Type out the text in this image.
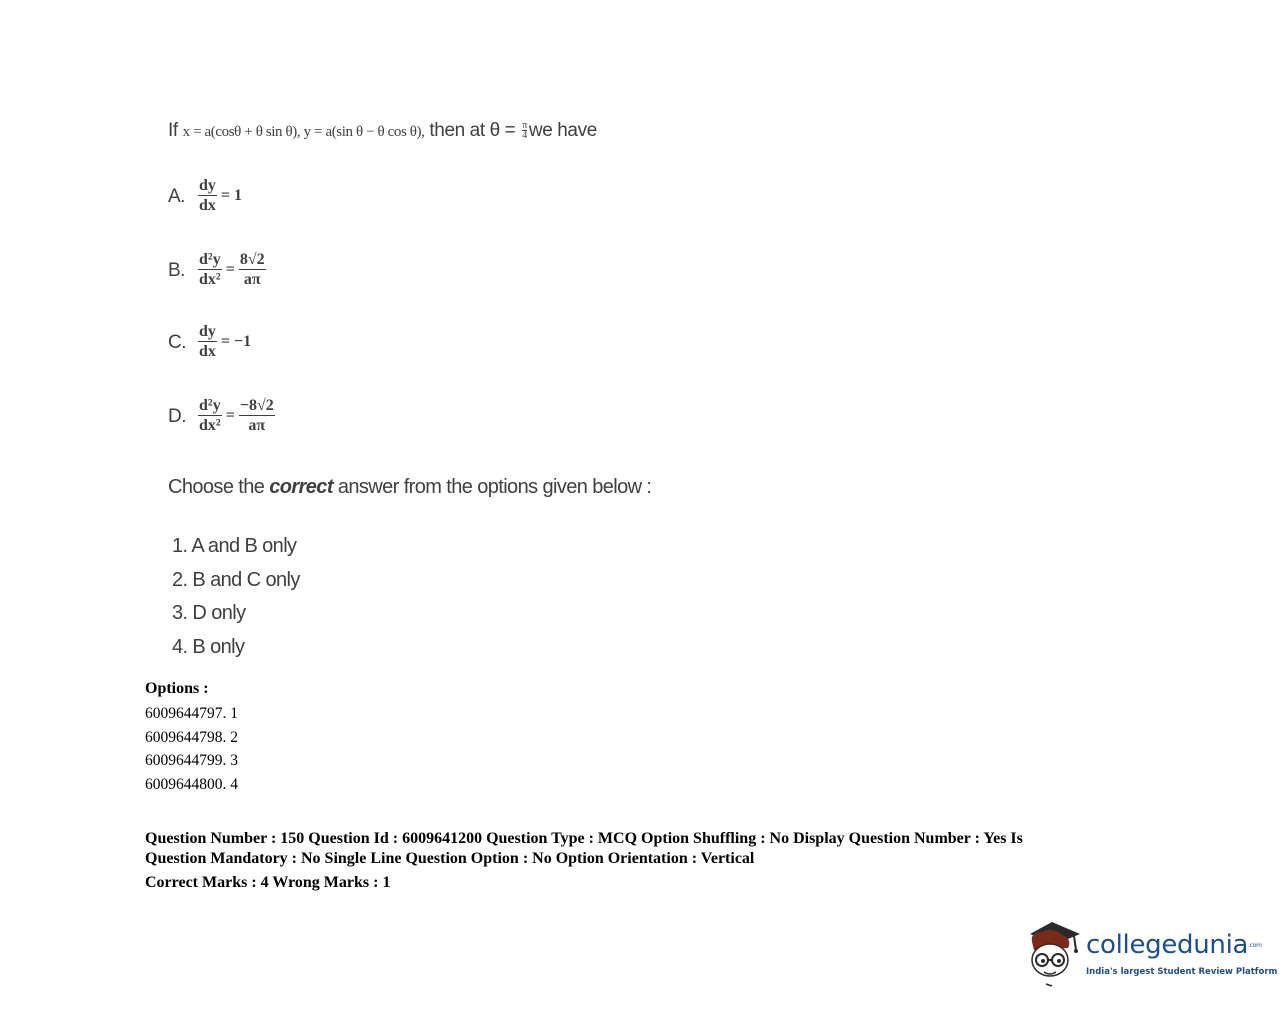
If x = a(cosθ + θ sin θ), y = a(sin θ − θ cos θ), then at $\theta = \frac{\pi}{4}$ we have
A. $\frac{dy}{dx} = 1$
B. $\frac{\text{d²y}}{\text{dx²}} = \frac{8√2}{a\pi}$
C. $\frac{dy}{dx} = -1$
D. $\frac{\text{d²y}}{\text{dx²}} = \frac{-8√2}{a\pi}$
Choose the correct answer from the options given below :
1. A and B only
2. B and C only
3. D only
4. B only
Options :
6009644797. 1
6009644798. 2
6009644799. 3
6009644800. 4
Question Number : 150 Question Id : 6009641200 Question Type : MCQ Option Shuffling : No Display Question Number : Yes Is
Question Mandatory : No Single Line Question Option : No Option Orientation : Vertical
Correct Marks : 4 Wrong Marks : 1
collegedunia.com
India's largest Student Review Platform
